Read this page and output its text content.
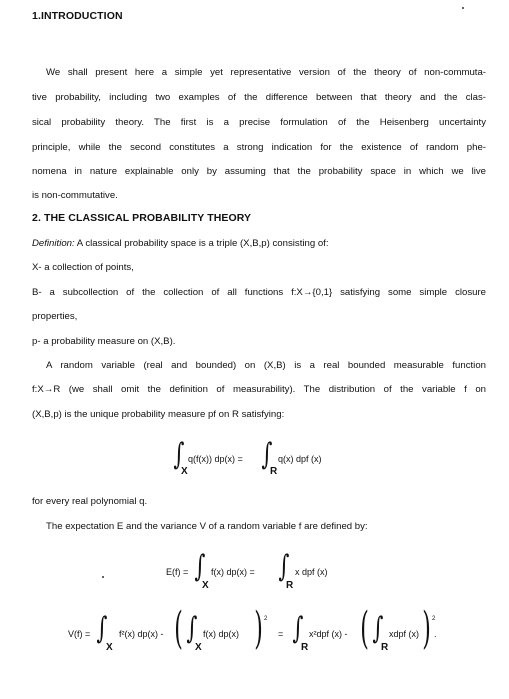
1.INTRODUCTION
We shall present here a simple yet representative version of the theory of non-commuta-
tive probability, including two examples of the difference between that theory and the clas-
sical probability theory. The first is a precise formulation of the Heisenberg uncertainty
principle, while the second constitutes a strong indication for the existence of random phe-
nomena in nature explainable only by assuming that the probability space in which we live
is non-commutative.
2. THE CLASSICAL PROBABILITY THEORY
Definition: A classical probability space is a triple (X,B,p) consisting of:
X- a collection of points,
B- a subcollection of the collection of all functions f:X→{0,1} satisfying some simple closure
properties,
p- a probability measure on (X,B).
A random variable (real and bounded) on (X,B) is a real bounded measurable function
f:X→R (we shall omit the definition of measurability). The distribution of the variable f on
(X,B,p) is the unique probability measure pf on R satisfying:
∫ q(f(x)) dp(x) =
X ∫ q(x) dpf (x)
R
for every real polynomial q.
The expectation E and the variance V of a random variable f are defined by:
E(f) = ∫ f(x) dp(x) =
X
∫ x dpf (x)
R
V(f) = ∫ f²(x) dp(x) -
X ( ∫ f(x) dp(x)
X ) 2
= ∫ x²dpf (x) -
R ( ∫ xdpf (x)
R ) 2
.
